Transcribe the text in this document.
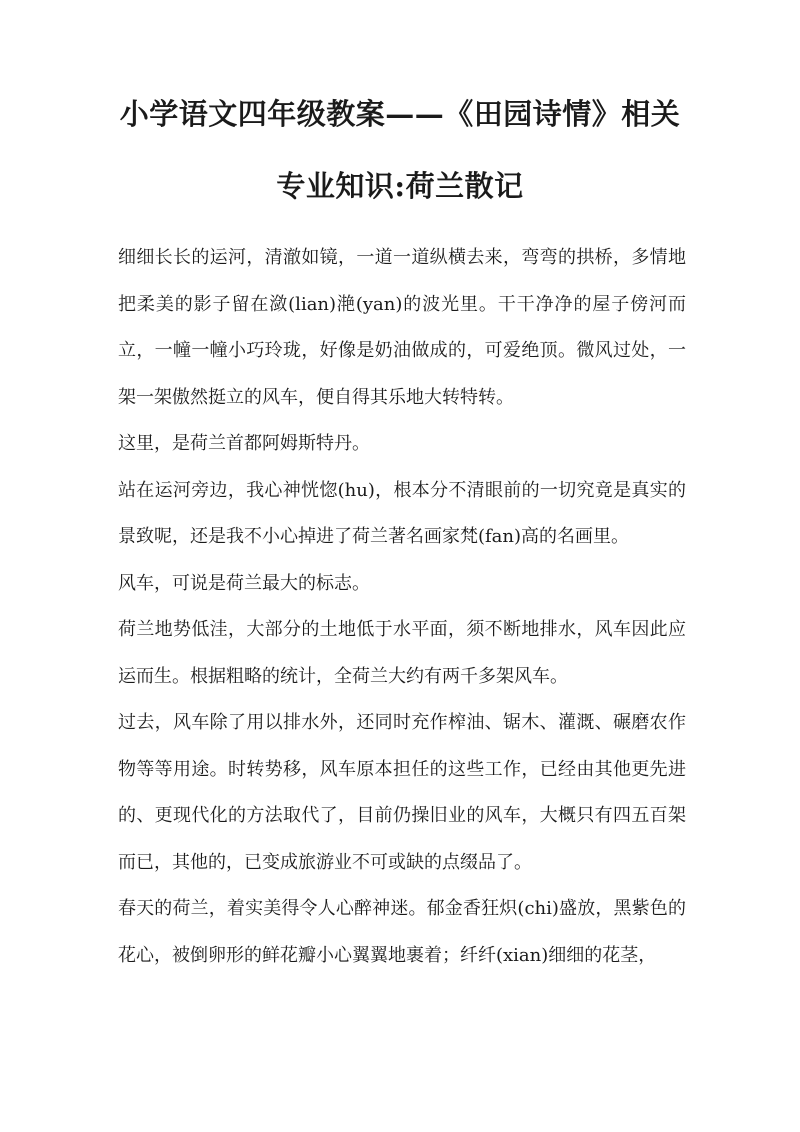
小学语文四年级教案——《田园诗情》相关
专业知识:荷兰散记

细细长长的运河，清澈如镜，一道一道纵横去来，弯弯的拱桥，多情地把柔美的影子留在潋(lian)滟(yan)的波光里。干干净净的屋子傍河而立，一幢一幢小巧玲珑，好像是奶油做成的，可爱绝顶。微风过处，一架一架傲然挺立的风车，便自得其乐地大转特转。

这里，是荷兰首都阿姆斯特丹。

站在运河旁边，我心神恍惚(hu)，根本分不清眼前的一切究竟是真实的景致呢，还是我不小心掉进了荷兰著名画家梵(fan)高的名画里。

风车，可说是荷兰最大的标志。

荷兰地势低洼，大部分的土地低于水平面，须不断地排水，风车因此应运而生。根据粗略的统计，全荷兰大约有两千多架风车。

过去，风车除了用以排水外，还同时充作榨油、锯木、灌溉、碾磨农作物等等用途。时转势移，风车原本担任的这些工作，已经由其他更先进的、更现代化的方法取代了，目前仍操旧业的风车，大概只有四五百架而已，其他的，已变成旅游业不可或缺的点缀品了。

春天的荷兰，着实美得令人心醉神迷。郁金香狂炽(chi)盛放，黑紫色的花心，被倒卵形的鲜花瓣小心翼翼地裹着；纤纤(xian)细细的花茎，
